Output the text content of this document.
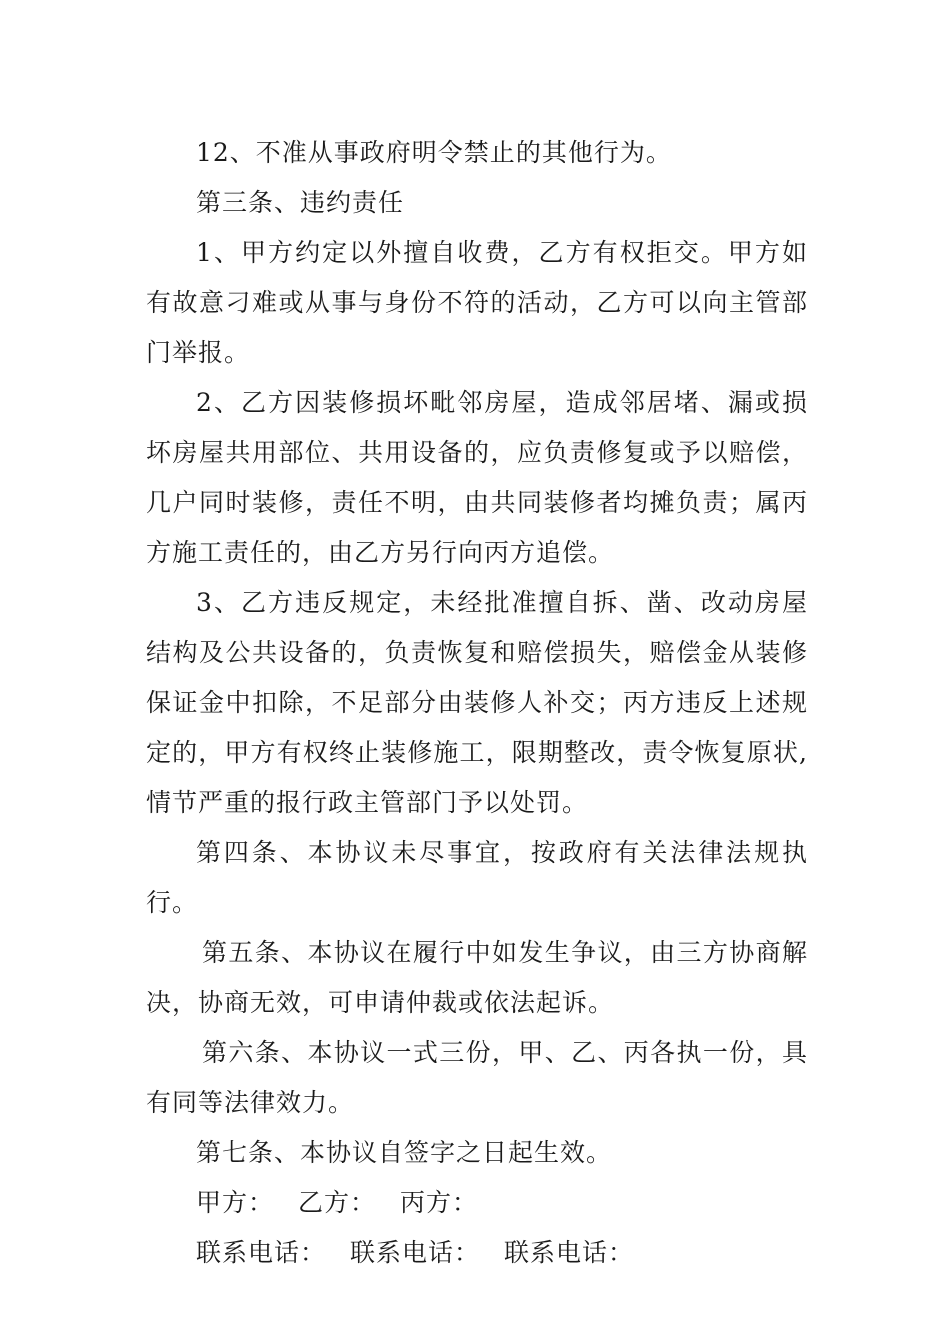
12、不准从事政府明令禁止的其他行为。

第三条、违约责任

1、甲方约定以外擅自收费，乙方有权拒交。甲方如有故意刁难或从事与身份不符的活动，乙方可以向主管部门举报。

2、乙方因装修损坏毗邻房屋，造成邻居堵、漏或损坏房屋共用部位、共用设备的，应负责修复或予以赔偿，几户同时装修，责任不明，由共同装修者均摊负责；属丙方施工责任的，由乙方另行向丙方追偿。

3、乙方违反规定，未经批准擅自拆、凿、改动房屋结构及公共设备的，负责恢复和赔偿损失，赔偿金从装修保证金中扣除，不足部分由装修人补交；丙方违反上述规定的，甲方有权终止装修施工，限期整改，责令恢复原状,情节严重的报行政主管部门予以处罚。

第四条、本协议未尽事宜，按政府有关法律法规执行。

第五条、本协议在履行中如发生争议，由三方协商解决，协商无效，可申请仲裁或依法起诉。

第六条、本协议一式三份，甲、乙、丙各执一份，具有同等法律效力。

第七条、本协议自签字之日起生效。

甲方： 乙方： 丙方：

联系电话： 联系电话： 联系电话：
